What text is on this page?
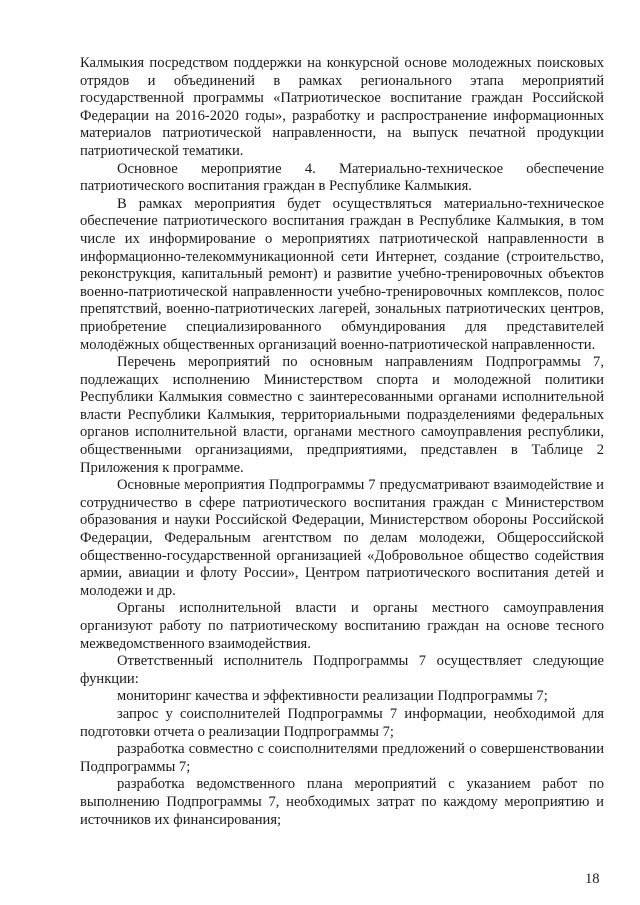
Калмыкия посредством поддержки на конкурсной основе молодежных поисковых отрядов и объединений в рамках регионального этапа мероприятий государственной программы «Патриотическое воспитание граждан Российской Федерации на 2016-2020 годы», разработку и распространение информационных материалов патриотической направленности, на выпуск печатной продукции патриотической тематики.

Основное мероприятие 4. Материально-техническое обеспечение патриотического воспитания граждан в Республике Калмыкия.

В рамках мероприятия будет осуществляться материально-техническое обеспечение патриотического воспитания граждан в Республике Калмыкия, в том числе их информирование о мероприятиях патриотической направленности в информационно-телекоммуникационной сети Интернет, создание (строительство, реконструкция, капитальный ремонт) и развитие учебно-тренировочных объектов военно-патриотической направленности учебно-тренировочных комплексов, полос препятствий, военно-патриотических лагерей, зональных патриотических центров, приобретение специализированного обмундирования для представителей молодёжных общественных организаций военно-патриотической направленности.

Перечень мероприятий по основным направлениям Подпрограммы 7, подлежащих исполнению Министерством спорта и молодежной политики Республики Калмыкия совместно с заинтересованными органами исполнительной власти Республики Калмыкия, территориальными подразделениями федеральных органов исполнительной власти, органами местного самоуправления республики, общественными организациями, предприятиями, представлен в Таблице 2 Приложения к программе.

Основные мероприятия Подпрограммы 7 предусматривают взаимодействие и сотрудничество в сфере патриотического воспитания граждан с Министерством образования и науки Российской Федерации, Министерством обороны Российской Федерации, Федеральным агентством по делам молодежи, Общероссийской общественно-государственной организацией «Добровольное общество содействия армии, авиации и флоту России», Центром патриотического воспитания детей и молодежи и др.

Органы исполнительной власти и органы местного самоуправления организуют работу по патриотическому воспитанию граждан на основе тесного межведомственного взаимодействия.

Ответственный исполнитель Подпрограммы 7 осуществляет следующие функции:

мониторинг качества и эффективности реализации Подпрограммы 7;

запрос у соисполнителей Подпрограммы 7 информации, необходимой для подготовки отчета о реализации Подпрограммы 7;

разработка совместно с соисполнителями предложений о совершенствовании Подпрограммы 7;

разработка ведомственного плана мероприятий с указанием работ по выполнению Подпрограммы 7, необходимых затрат по каждому мероприятию и источников их финансирования;

18
